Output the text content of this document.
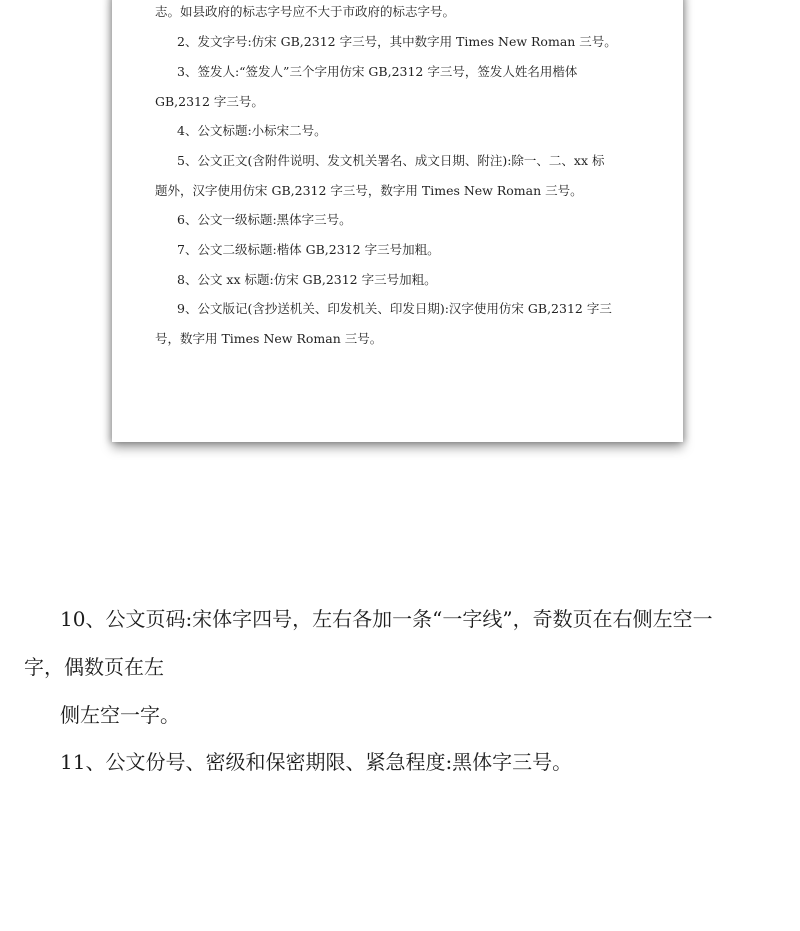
志。如县政府的标志字号应不大于市政府的标志字号。
2、发文字号:仿宋 GB,2312 字三号，其中数字用 Times New Roman 三号。
3、签发人:“签发人”三个字用仿宋 GB,2312 字三号，签发人姓名用楷体
GB,2312 字三号。
4、公文标题:小标宋二号。
5、公文正文(含附件说明、发文机关署名、成文日期、附注):除一、二、xx 标
题外，汉字使用仿宋 GB,2312 字三号，数字用 Times New Roman 三号。
6、公文一级标题:黑体字三号。
7、公文二级标题:楷体 GB,2312 字三号加粗。
8、公文 xx 标题:仿宋 GB,2312 字三号加粗。
9、公文版记(含抄送机关、印发机关、印发日期):汉字使用仿宋 GB,2312 字三
号，数字用 Times New Roman 三号。
10、公文页码:宋体字四号，左右各加一条“一字线”，奇数页在右侧左空一
字，偶数页在左
侧左空一字。
11、公文份号、密级和保密期限、紧急程度:黑体字三号。
